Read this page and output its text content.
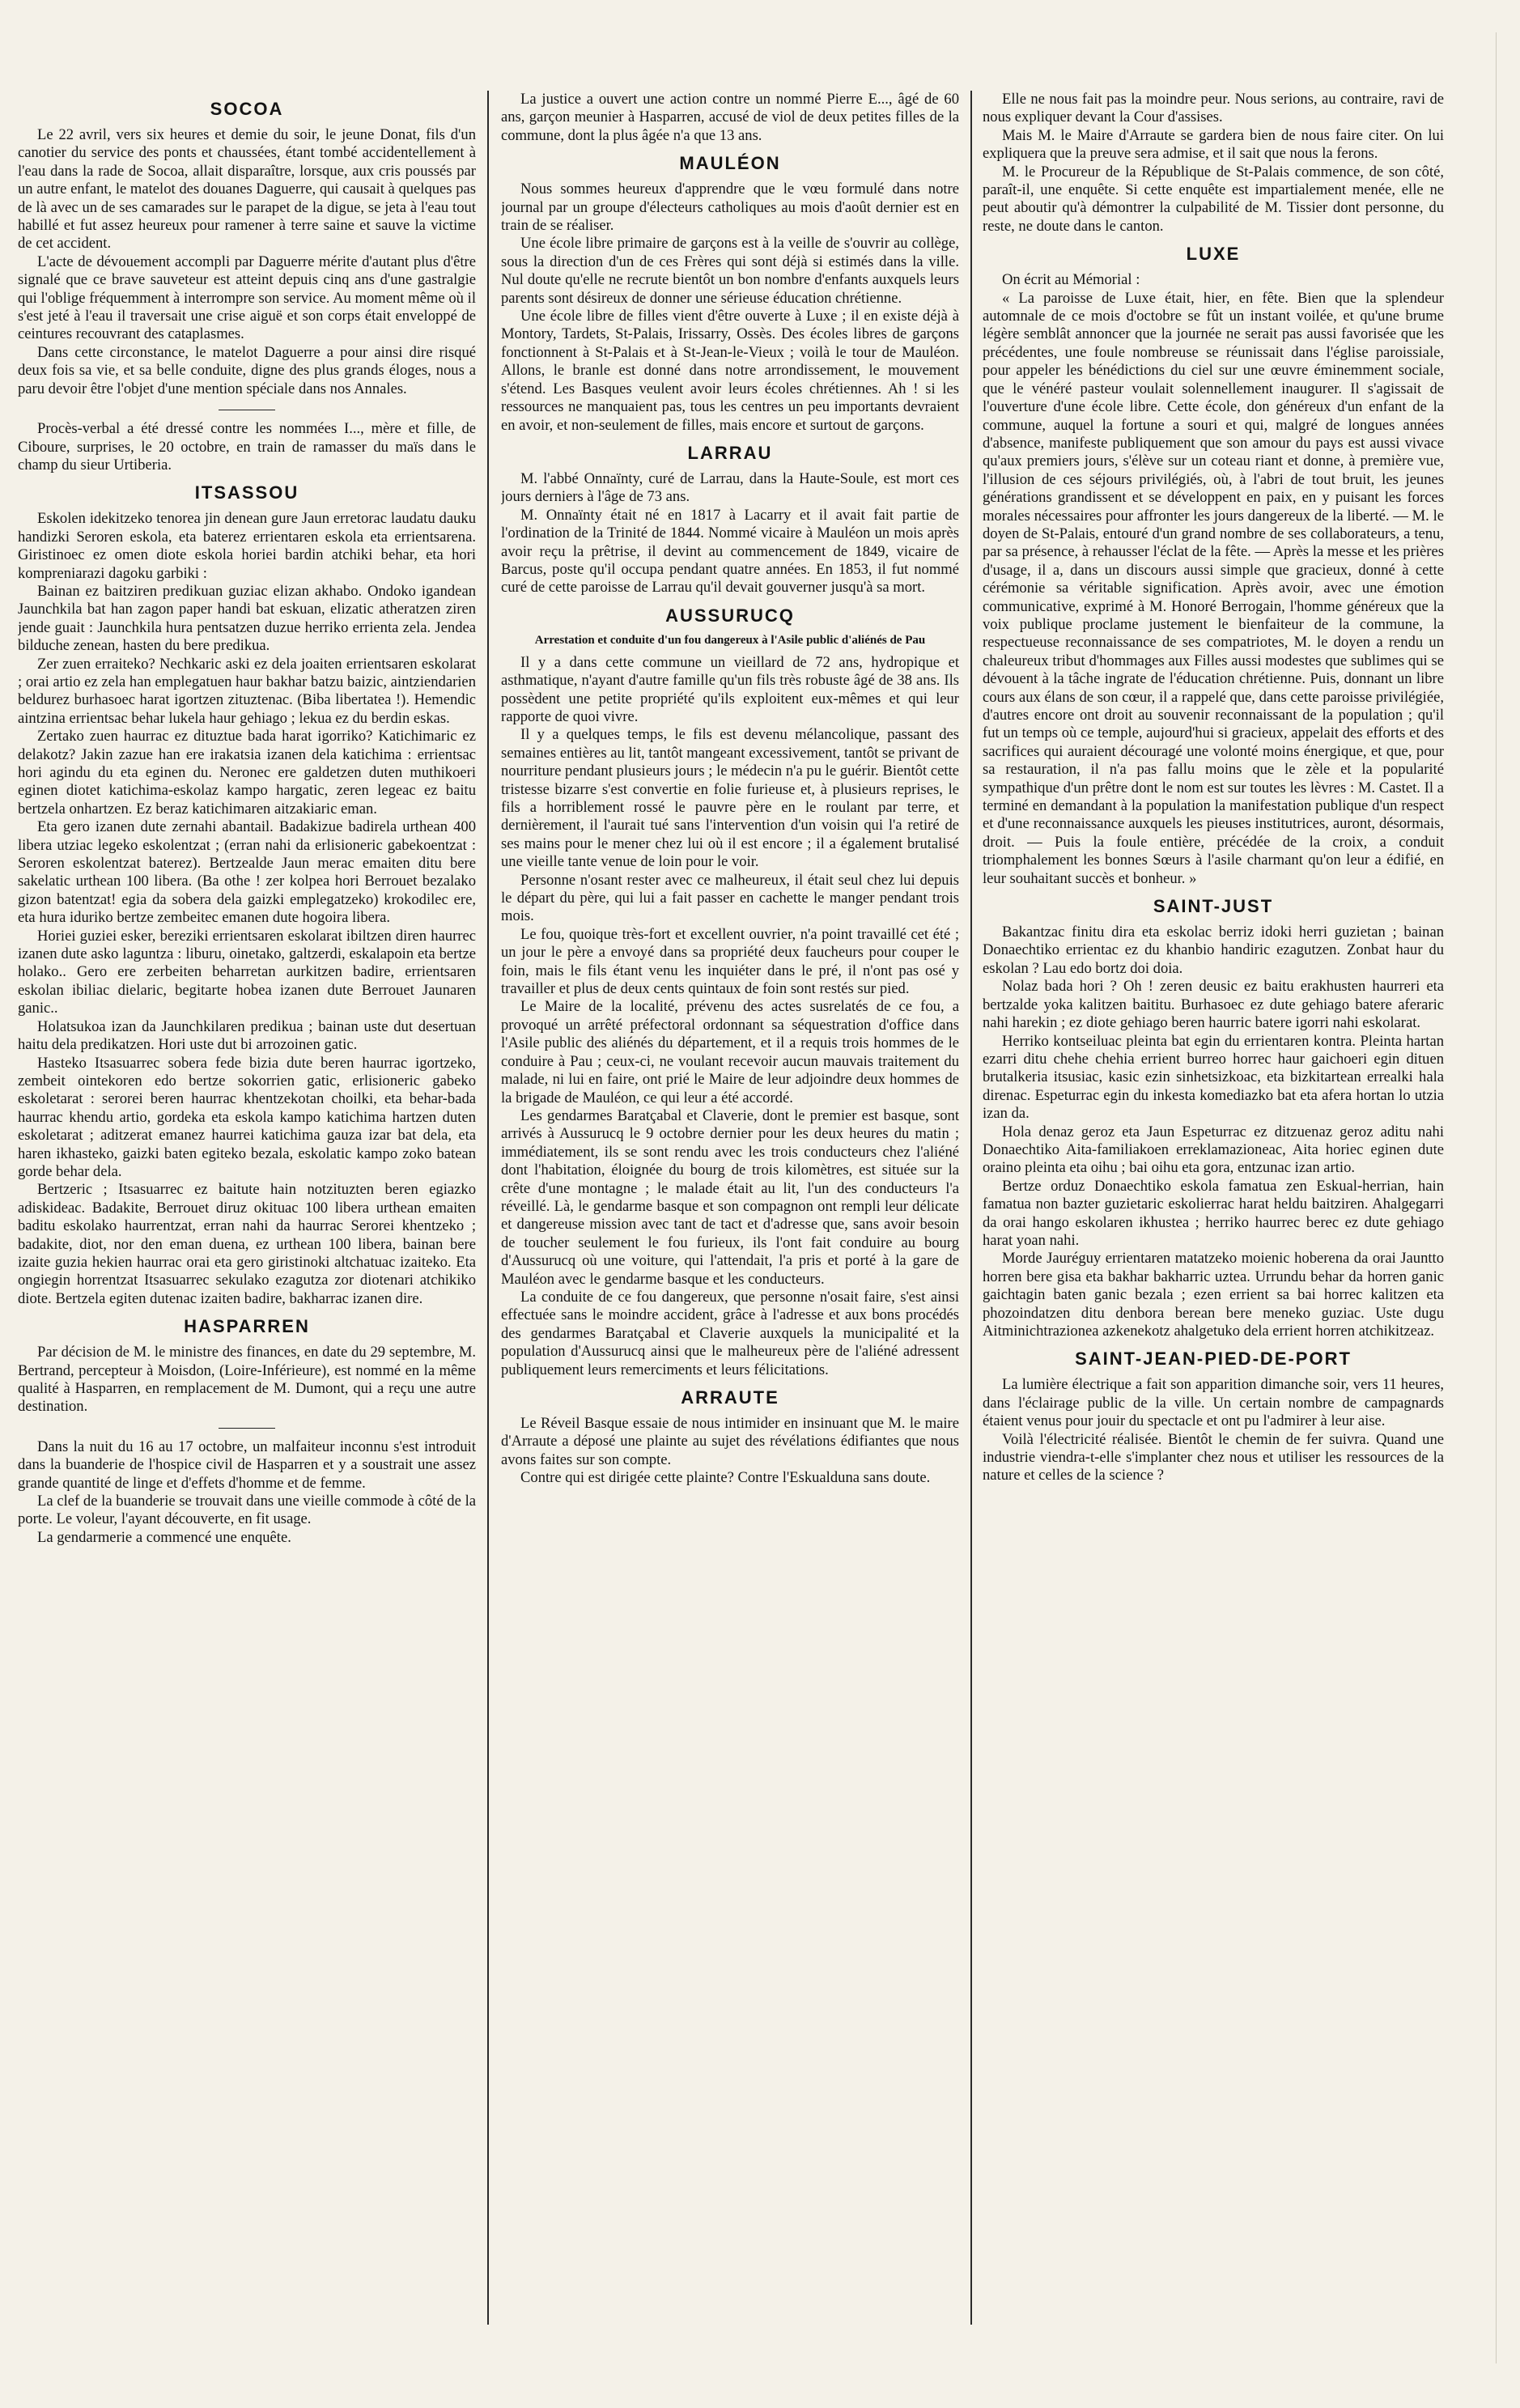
SOCOA

Le 22 avril, vers six heures et demie du soir, le jeune Donat, fils d'un canotier du service des ponts et chaussées, étant tombé accidentellement à l'eau dans la rade de Socoa, allait disparaître, lorsque, aux cris poussés par un autre enfant, le matelot des douanes Daguerre, qui causait à quelques pas de là avec un de ses camarades sur le parapet de la digue, se jeta à l'eau tout habillé et fut assez heureux pour ramener à terre saine et sauve la victime de cet accident.

L'acte de dévouement accompli par Daguerre mérite d'autant plus d'être signalé que ce brave sauveteur est atteint depuis cinq ans d'une gastralgie qui l'oblige fréquemment à interrompre son service. Au moment même où il s'est jeté à l'eau il traversait une crise aiguë et son corps était enveloppé de ceintures recouvrant des cataplasmes.

Dans cette circonstance, le matelot Daguerre a pour ainsi dire risqué deux fois sa vie, et sa belle conduite, digne des plus grands éloges, nous a paru devoir être l'objet d'une mention spéciale dans nos Annales.

Procès-verbal a été dressé contre les nommées I..., mère et fille, de Ciboure, surprises, le 20 octobre, en train de ramasser du maïs dans le champ du sieur Urtiberia.

ITSASSOU

Eskolen idekitzeko tenorea jin denean gure Jaun erretorac laudatu dauku handizki Seroren eskola, eta baterez errientaren eskola eta errientsarena. Giristinoec ez omen diote eskola horiei bardin atchiki behar, eta hori kompreniarazi dagoku garbiki :

Bainan ez baitziren predikuan guziac elizan akhabo. Ondoko igandean Jaunchkila bat han zagon paper handi bat eskuan, elizatic atheratzen ziren jende guait : Jaunchkila hura pentsatzen duzue herriko errienta zela. Jendea bilduche zenean, hasten du bere predikua.

Zer zuen erraiteko? Nechkaric aski ez dela joaiten errientsaren eskolarat ; orai artio ez zela han emplegatuen haur bakhar batzu baizic, aintziendarien beldurez burhasoec harat igortzen zituztenac. (Biba libertatea !). Hemendic aintzina errientsac behar lukela haur gehiago ; lekua ez du berdin eskas.

Zertako zuen haurrac ez dituztue bada harat igorriko? Katichimaric ez delakotz? Jakin zazue han ere irakatsia izanen dela katichima : errientsac hori agindu du eta eginen du. Neronec ere galdetzen duten muthikoeri eginen diotet katichima-eskolaz kampo hargatic, zeren legeac ez baitu bertzela onhartzen. Ez beraz katichimaren aitzakiaric eman.

Eta gero izanen dute zernahi abantail. Badakizue badirela urthean 400 libera utziac legeko eskolentzat ; (erran nahi da erlisioneric gabekoentzat : Seroren eskolentzat baterez). Bertzealde Jaun merac emaiten ditu bere sakelatic urthean 100 libera. (Ba othe ! zer kolpea hori Berrouet bezalako gizon batentzat! egia da sobera dela gaizki emplegatzeko) krokodilec ere, eta hura iduriko bertze zembeitec emanen dute hogoira libera.

Horiei guziei esker, bereziki errientsaren eskolarat ibiltzen diren haurrec izanen dute asko laguntza : liburu, oinetako, galtzerdi, eskalapoin eta bertze holako.. Gero ere zerbeiten beharretan aurkitzen badire, errientsaren eskolan ibiliac dielaric, begitarte hobea izanen dute Berrouet Jaunaren ganic..

Holatsukoa izan da Jaunchkilaren predikua ; bainan uste dut desertuan haitu dela predikatzen. Hori uste dut bi arrozoinen gatic.

Hasteko Itsasuarrec sobera fede bizia dute beren haurrac igortzeko, zembeit ointekoren edo bertze sokorrien gatic, erlisioneric gabeko eskoletarat : serorei beren haurrac khentzekotan choilki, eta behar-bada haurrac khendu artio, gordeka eta eskola kampo katichima hartzen duten eskoletarat ; aditzerat emanez haurrei katichima gauza izar bat dela, eta haren ikhasteko, gaizki baten egiteko bezala, eskolatic kampo zoko batean gorde behar dela.

Bertzeric ; Itsasuarrec ez baitute hain notzituzten beren egiazko adiskideac. Badakite, Berrouet diruz okituac 100 libera urthean emaiten baditu eskolako haurrentzat, erran nahi da haurrac Serorei khentzeko ; badakite, diot, nor den eman duena, ez urthean 100 libera, bainan bere izaite guzia hekien haurrac orai eta gero giristinoki altchatuac izaiteko. Eta ongiegin horrentzat Itsasuarrec sekulako ezagutza zor diotenari atchikiko diote. Bertzela egiten dutenac izaiten badire, bakharrac izanen dire.

HASPARREN

Par décision de M. le ministre des finances, en date du 29 septembre, M. Bertrand, percepteur à Moisdon, (Loire-Inférieure), est nommé en la même qualité à Hasparren, en remplacement de M. Dumont, qui a reçu une autre destination.

Dans la nuit du 16 au 17 octobre, un malfaiteur inconnu s'est introduit dans la buanderie de l'hospice civil de Hasparren et y a soustrait une assez grande quantité de linge et d'effets d'homme et de femme.

La clef de la buanderie se trouvait dans une vieille commode à côté de la porte. Le voleur, l'ayant découverte, en fit usage.

La gendarmerie a commencé une enquête.

La justice a ouvert une action contre un nommé Pierre E..., âgé de 60 ans, garçon meunier à Hasparren, accusé de viol de deux petites filles de la commune, dont la plus âgée n'a que 13 ans.

MAULÉON

Nous sommes heureux d'apprendre que le vœu formulé dans notre journal par un groupe d'électeurs catholiques au mois d'août dernier est en train de se réaliser.

Une école libre primaire de garçons est à la veille de s'ouvrir au collège, sous la direction d'un de ces Frères qui sont déjà si estimés dans la ville. Nul doute qu'elle ne recrute bientôt un bon nombre d'enfants auxquels leurs parents sont désireux de donner une sérieuse éducation chrétienne.

Une école libre de filles vient d'être ouverte à Luxe ; il en existe déjà à Montory, Tardets, St-Palais, Irissarry, Ossès. Des écoles libres de garçons fonctionnent à St-Palais et à St-Jean-le-Vieux ; voilà le tour de Mauléon. Allons, le branle est donné dans notre arrondissement, le mouvement s'étend. Les Basques veulent avoir leurs écoles chrétiennes. Ah ! si les ressources ne manquaient pas, tous les centres un peu importants devraient en avoir, et non-seulement de filles, mais encore et surtout de garçons.

LARRAU

M. l'abbé Onnaïnty, curé de Larrau, dans la Haute-Soule, est mort ces jours derniers à l'âge de 73 ans.

M. Onnaïnty était né en 1817 à Lacarry et il avait fait partie de l'ordination de la Trinité de 1844. Nommé vicaire à Mauléon un mois après avoir reçu la prêtrise, il devint au commencement de 1849, vicaire de Barcus, poste qu'il occupa pendant quatre années. En 1853, il fut nommé curé de cette paroisse de Larrau qu'il devait gouverner jusqu'à sa mort.

AUSSURUCQ
Arrestation et conduite d'un fou dangereux à l'Asile public d'aliénés de Pau

Il y a dans cette commune un vieillard de 72 ans, hydropique et asthmatique, n'ayant d'autre famille qu'un fils très robuste âgé de 38 ans. Ils possèdent une petite propriété qu'ils exploitent eux-mêmes et qui leur rapporte de quoi vivre.

Il y a quelques temps, le fils est devenu mélancolique, passant des semaines entières au lit, tantôt mangeant excessivement, tantôt se privant de nourriture pendant plusieurs jours ; le médecin n'a pu le guérir. Bientôt cette tristesse bizarre s'est convertie en folie furieuse et, à plusieurs reprises, le fils a horriblement rossé le pauvre père en le roulant par terre, et dernièrement, il l'aurait tué sans l'intervention d'un voisin qui l'a retiré de ses mains pour le mener chez lui où il est encore ; il a également brutalisé une vieille tante venue de loin pour le voir.

Personne n'osant rester avec ce malheureux, il était seul chez lui depuis le départ du père, qui lui a fait passer en cachette le manger pendant trois mois.

Le fou, quoique très-fort et excellent ouvrier, n'a point travaillé cet été ; un jour le père a envoyé dans sa propriété deux faucheurs pour couper le foin, mais le fils étant venu les inquiéter dans le pré, il n'ont pas osé y travailler et plus de deux cents quintaux de foin sont restés sur pied.

Le Maire de la localité, prévenu des actes susrelatés de ce fou, a provoqué un arrêté préfectoral ordonnant sa séquestration d'office dans l'Asile public des aliénés du département, et il a requis trois hommes de le conduire à Pau ; ceux-ci, ne voulant recevoir aucun mauvais traitement du malade, ni lui en faire, ont prié le Maire de leur adjoindre deux hommes de la brigade de Mauléon, ce qui leur a été accordé.

Les gendarmes Baratçabal et Claverie, dont le premier est basque, sont arrivés à Aussurucq le 9 octobre dernier pour les deux heures du matin ; immédiatement, ils se sont rendu avec les trois conducteurs chez l'aliéné dont l'habitation, éloignée du bourg de trois kilomètres, est située sur la crête d'une montagne ; le malade était au lit, l'un des conducteurs l'a réveillé. Là, le gendarme basque et son compagnon ont rempli leur délicate et dangereuse mission avec tant de tact et d'adresse que, sans avoir besoin de toucher seulement le fou furieux, ils l'ont fait conduire au bourg d'Aussurucq où une voiture, qui l'attendait, l'a pris et porté à la gare de Mauléon avec le gendarme basque et les conducteurs.

La conduite de ce fou dangereux, que personne n'osait faire, s'est ainsi effectuée sans le moindre accident, grâce à l'adresse et aux bons procédés des gendarmes Baratçabal et Claverie auxquels la municipalité et la population d'Aussurucq ainsi que le malheureux père de l'aliéné adressent publiquement leurs remerciments et leurs félicitations.

ARRAUTE

Le Réveil Basque essaie de nous intimider en insinuant que M. le maire d'Arraute a déposé une plainte au sujet des révélations édifiantes que nous avons faites sur son compte.

Contre qui est dirigée cette plainte? Contre l'Eskualduna sans doute.

Elle ne nous fait pas la moindre peur. Nous serions, au contraire, ravi de nous expliquer devant la Cour d'assises.

Mais M. le Maire d'Arraute se gardera bien de nous faire citer. On lui expliquera que la preuve sera admise, et il sait que nous la ferons.

M. le Procureur de la République de St-Palais commence, de son côté, paraît-il, une enquête. Si cette enquête est impartialement menée, elle ne peut aboutir qu'à démontrer la culpabilité de M. Tissier dont personne, du reste, ne doute dans le canton.

LUXE

On écrit au Mémorial :

« La paroisse de Luxe était, hier, en fête. Bien que la splendeur automnale de ce mois d'octobre se fût un instant voilée, et qu'une brume légère semblât annoncer que la journée ne serait pas aussi favorisée que les précédentes, une foule nombreuse se réunissait dans l'église paroissiale, pour appeler les bénédictions du ciel sur une œuvre éminemment sociale, que le vénéré pasteur voulait solennellement inaugurer. Il s'agissait de l'ouverture d'une école libre. Cette école, don généreux d'un enfant de la commune, auquel la fortune a souri et qui, malgré de longues années d'absence, manifeste publiquement que son amour du pays est aussi vivace qu'aux premiers jours, s'élève sur un coteau riant et donne, à première vue, l'illusion de ces séjours privilégiés, où, à l'abri de tout bruit, les jeunes générations grandissent et se développent en paix, en y puisant les forces morales nécessaires pour affronter les jours dangereux de la liberté. — M. le doyen de St-Palais, entouré d'un grand nombre de ses collaborateurs, a tenu, par sa présence, à rehausser l'éclat de la fête. — Après la messe et les prières d'usage, il a, dans un discours aussi simple que gracieux, donné à cette cérémonie sa véritable signification. Après avoir, avec une émotion communicative, exprimé à M. Honoré Berrogain, l'homme généreux que la voix publique proclame justement le bienfaiteur de la commune, la respectueuse reconnaissance de ses compatriotes, M. le doyen a rendu un chaleureux tribut d'hommages aux Filles aussi modestes que sublimes qui se dévouent à la tâche ingrate de l'éducation chrétienne. Puis, donnant un libre cours aux élans de son cœur, il a rappelé que, dans cette paroisse privilégiée, d'autres encore ont droit au souvenir reconnaissant de la population ; qu'il fut un temps où ce temple, aujourd'hui si gracieux, appelait des efforts et des sacrifices qui auraient découragé une volonté moins énergique, et que, pour sa restauration, il n'a pas fallu moins que le zèle et la popularité sympathique d'un prêtre dont le nom est sur toutes les lèvres : M. Castet. Il a terminé en demandant à la population la manifestation publique d'un respect et d'une reconnaissance auxquels les pieuses institutrices, auront, désormais, droit. — Puis la foule entière, précédée de la croix, a conduit triomphalement les bonnes Sœurs à l'asile charmant qu'on leur a édifié, en leur souhaitant succès et bonheur. »

SAINT-JUST

Bakantzac finitu dira eta eskolac berriz idoki herri guzietan ; bainan Donaechtiko errientac ez du khanbio handiric ezagutzen. Zonbat haur du eskolan ? Lau edo bortz doi doia.

Nolaz bada hori ? Oh ! zeren deusic ez baitu erakhusten haurreri eta bertzalde yoka kalitzen baititu. Burhasoec ez dute gehiago batere aferaric nahi harekin ; ez diote gehiago beren haurric batere igorri nahi eskolarat.

Herriko kontseiluac pleinta bat egin du errientaren kontra. Pleinta hartan ezarri ditu chehe chehia errient burreo horrec haur gaichoeri egin dituen brutalkeria itsusiac, kasic ezin sinhetsizkoac, eta bizkitartean errealki hala direnac. Espeturrac egin du inkesta komediazko bat eta afera hortan lo utzia izan da.

Hola denaz geroz eta Jaun Espeturrac ez ditzuenaz geroz aditu nahi Donaechtiko Aita-familiakoen erreklamazioneac, Aita horiec eginen dute oraino pleinta eta oihu ; bai oihu eta gora, entzunac izan artio.

Bertze orduz Donaechtiko eskola famatua zen Eskual-herrian, hain famatua non bazter guzietaric eskolierrac harat heldu baitziren. Ahalgegarri da orai hango eskolaren ikhustea ; herriko haurrec berec ez dute gehiago harat yoan nahi.

Morde Jauréguy errientaren matatzeko moienic hoberena da orai Jauntto horren bere gisa eta bakhar bakharric uztea. Urrundu behar da horren ganic gaichtagin baten ganic bezala ; ezen errient sa bai horrec kalitzen eta phozoindatzen ditu denbora berean bere meneko guziac. Uste dugu Aitminichtrazionea azkenekotz ahalgetuko dela errient horren atchikitzeaz.

SAINT-JEAN-PIED-DE-PORT

La lumière électrique a fait son apparition dimanche soir, vers 11 heures, dans l'éclairage public de la ville. Un certain nombre de campagnards étaient venus pour jouir du spectacle et ont pu l'admirer à leur aise.

Voilà l'électricité réalisée. Bientôt le chemin de fer suivra. Quand une industrie viendra-t-elle s'implanter chez nous et utiliser les ressources de la nature et celles de la science ?
